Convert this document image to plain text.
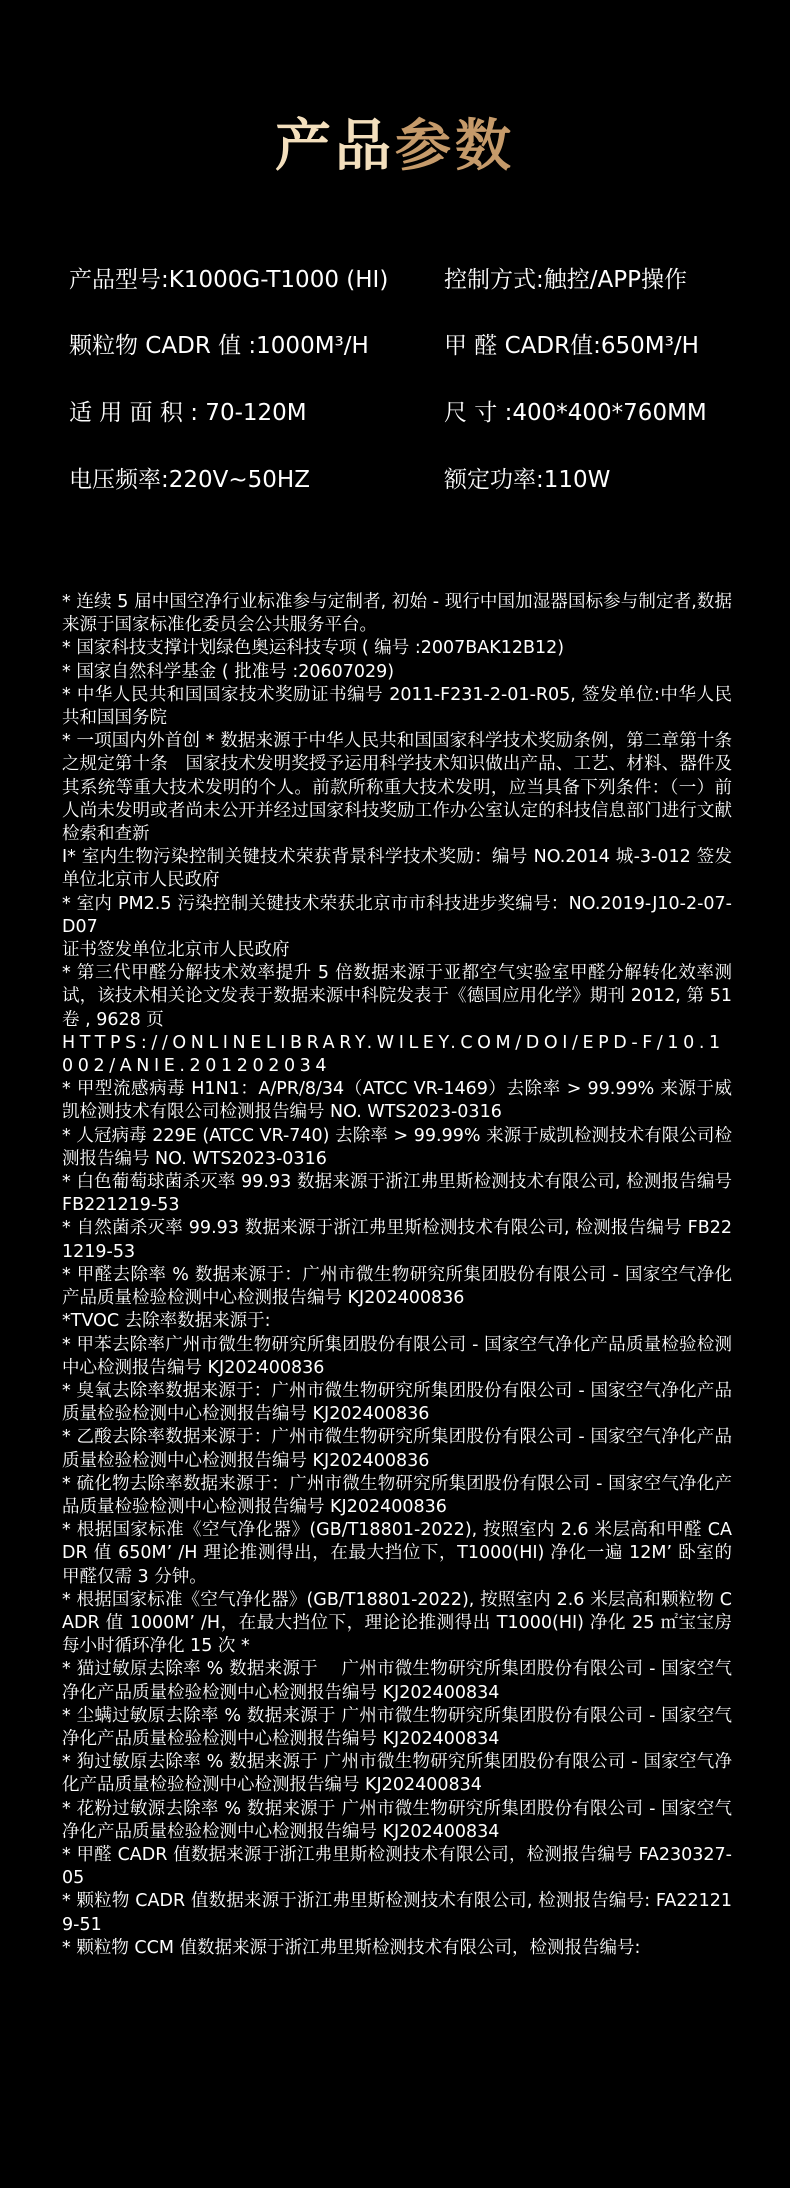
产品参数
产品型号:K1000G-T1000 (HI) 控制方式:触控/APP操作
颗粒物 CADR 值 :1000M³/H	甲 醛 CADR值:650M³/H
适 用 面 积 : 70-120M	尺 寸 :400*400*760MM
电压频率:220V~50HZ	额定功率:110W

* 连续 5 届中国空净行业标准参与定制者, 初始 - 现行中国加湿器国标参与制定者,数据来源于国家标准化委员会公共服务平台。

* 国家科技支撑计划绿色奥运科技专项 ( 编号 :2007BAK12B12)

* 国家自然科学基金 ( 批准号 :20607029)

* 中华人民共和国国家技术奖励证书编号 2011-F231-2-01-R05, 签发单位:中华人民共和国国务院

* 一项国内外首创 * 数据来源于中华人民共和国国家科学技术奖励条例，第二章第十条之规定第十条　国家技术发明奖授予运用科学技术知识做出产品、工艺、材料、器件及其系统等重大技术发明的个人。前款所称重大技术发明，应当具备下列条件：（一）前人尚未发明或者尚未公开并经过国家科技奖励工作办公室认定的科技信息部门进行文献检索和查新

I* 室内生物污染控制关键技术荣获背景科学技术奖励：编号 NO.2014 城-3-012 签发单位北京市人民政府

* 室内 PM2.5 污染控制关键技术荣获北京市市科技进步奖编号：NO.2019-J10-2-07-D07

证书签发单位北京市人民政府

* 第三代甲醛分解技术效率提升 5 倍数据来源于亚都空气实验室甲醛分解转化效率测试，该技术相关论文发表于数据来源中科院发表于《德国应用化学》期刊 2012, 第 51 卷 , 9628 页

HTTPS://ONLINELIBRARY.WILEY.COM/DOI/EPD-F/10.1002/ANIE.201202034

* 甲型流感病毒 H1N1：A/PR/8/34（ATCC VR-1469）去除率 > 99.99% 来源于威凯检测技术有限公司检测报告编号 NO. WTS2023-0316

* 人冠病毒 229E (ATCC VR-740) 去除率 > 99.99% 来源于威凯检测技术有限公司检测报告编号 NO. WTS2023-0316

* 白色葡萄球菌杀灭率 99.93 数据来源于浙江弗里斯检测技术有限公司, 检测报告编号 FB221219-53

* 自然菌杀灭率 99.93 数据来源于浙江弗里斯检测技术有限公司, 检测报告编号 FB221219-53

* 甲醛去除率 % 数据来源于：广州市微生物研究所集团股份有限公司 - 国家空气净化产品质量检验检测中心检测报告编号 KJ202400836

*TVOC 去除率数据来源于:

* 甲苯去除率广州市微生物研究所集团股份有限公司 - 国家空气净化产品质量检验检测中心检测报告编号 KJ202400836

* 臭氧去除率数据来源于：广州市微生物研究所集团股份有限公司 - 国家空气净化产品质量检验检测中心检测报告编号 KJ202400836

* 乙酸去除率数据来源于：广州市微生物研究所集团股份有限公司 - 国家空气净化产品质量检验检测中心检测报告编号 KJ202400836

* 硫化物去除率数据来源于：广州市微生物研究所集团股份有限公司 - 国家空气净化产品质量检验检测中心检测报告编号 KJ202400836

* 根据国家标准《空气净化器》(GB/T18801-2022), 按照室内 2.6 米层高和甲醛 CADR 值 650M’ /H 理论推测得出，在最大挡位下，T1000(HI) 净化一遍 12M’ 卧室的甲醛仅需 3 分钟。

* 根据国家标准《空气净化器》(GB/T18801-2022), 按照室内 2.6 米层高和颗粒物 CADR 值 1000M’ /H，在最大挡位下，理论论推测得出 T1000(HI) 净化 25 ㎡宝宝房每小时循环净化 15 次 *

* 猫过敏原去除率 % 数据来源于　 广州市微生物研究所集团股份有限公司 - 国家空气净化产品质量检验检测中心检测报告编号 KJ202400834

* 尘螨过敏原去除率 % 数据来源于 广州市微生物研究所集团股份有限公司 - 国家空气净化产品质量检验检测中心检测报告编号 KJ202400834

* 狗过敏原去除率 % 数据来源于 广州市微生物研究所集团股份有限公司 - 国家空气净化产品质量检验检测中心检测报告编号 KJ202400834

* 花粉过敏源去除率 % 数据来源于 广州市微生物研究所集团股份有限公司 - 国家空气净化产品质量检验检测中心检测报告编号 KJ202400834

* 甲醛 CADR 值数据来源于浙江弗里斯检测技术有限公司，检测报告编号 FA230327-05

* 颗粒物 CADR 值数据来源于浙江弗里斯检测技术有限公司, 检测报告编号: FA221219-51

* 颗粒物 CCM 值数据来源于浙江弗里斯检测技术有限公司，检测报告编号:
